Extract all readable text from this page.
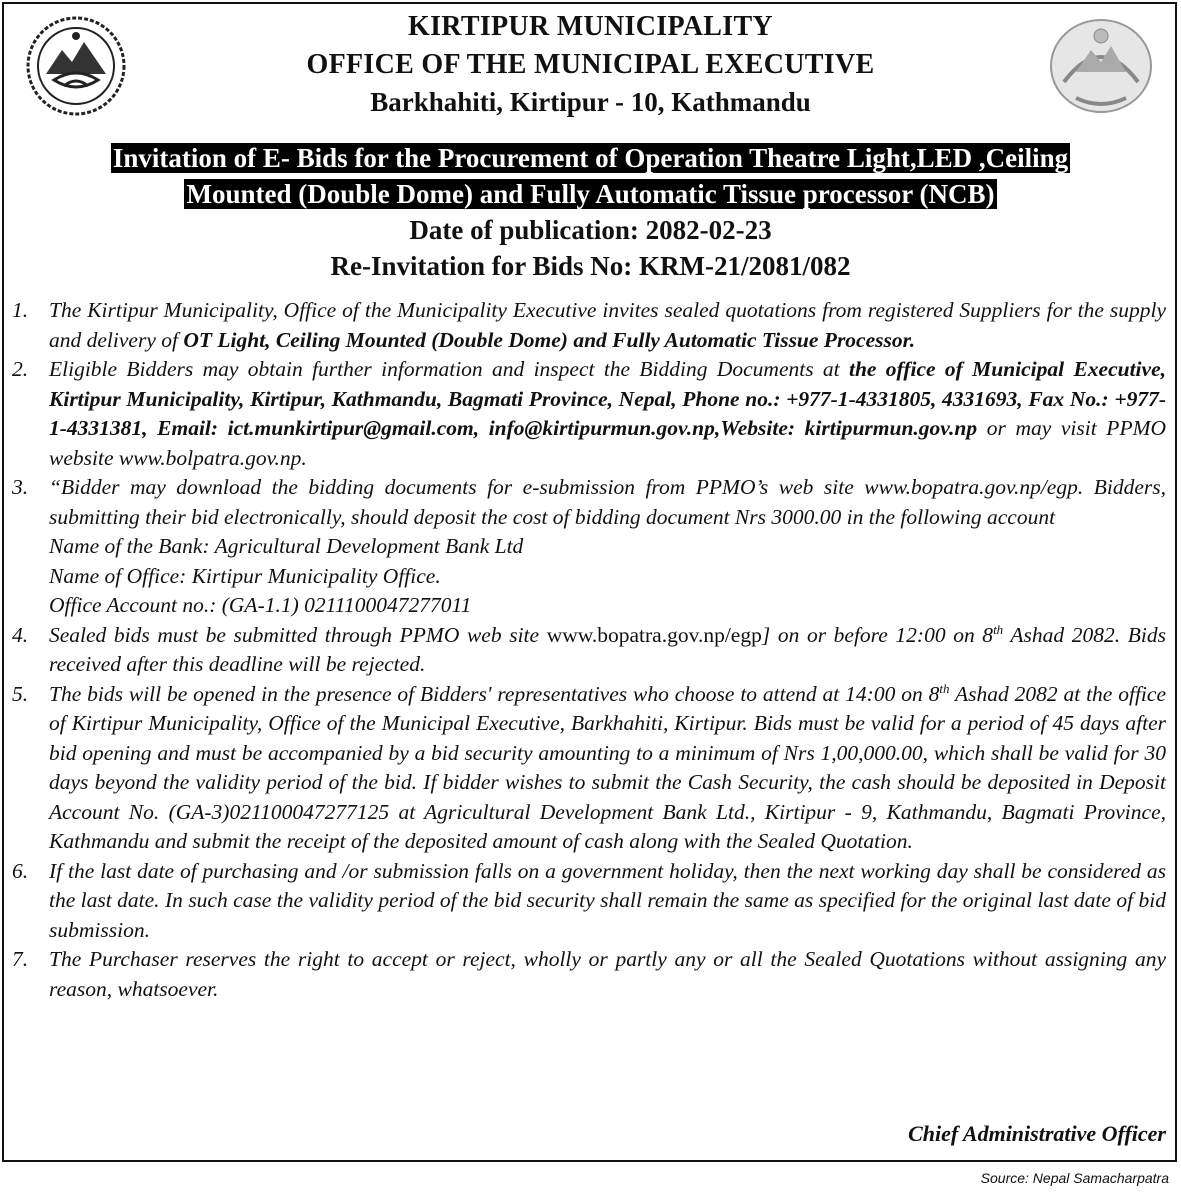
KIRTIPUR MUNICIPALITY
OFFICE OF THE MUNICIPAL EXECUTIVE
Barkhahiti, Kirtipur - 10, Kathmandu
Invitation of E- Bids for the Procurement of Operation Theatre Light,LED ,Ceiling
Mounted (Double Dome) and Fully Automatic Tissue processor (NCB)
Date of publication: 2082-02-23
Re-Invitation for Bids No: KRM-21/2081/082
1. The Kirtipur Municipality, Office of the Municipality Executive invites sealed quotations from registered Suppliers for the supply and delivery of OT Light, Ceiling Mounted (Double Dome) and Fully Automatic Tissue Processor.
2. Eligible Bidders may obtain further information and inspect the Bidding Documents at the office of Municipal Executive, Kirtipur Municipality, Kirtipur, Kathmandu, Bagmati Province, Nepal, Phone no.: +977-1-4331805, 4331693, Fax No.: +977-1-4331381, Email: ict.munkirtipur@gmail.com, info@kirtipurmun.gov.np,Website: kirtipurmun.gov.np or may visit PPMO website www.bolpatra.gov.np.
3. “Bidder may download the bidding documents for e-submission from PPMO’s web site www.bopatra.gov.np/egp. Bidders, submitting their bid electronically, should deposit the cost of bidding document Nrs 3000.00 in the following account
Name of the Bank: Agricultural Development Bank Ltd
Name of Office: Kirtipur Municipality Office.
Office Account no.: (GA-1.1) 0211100047277011
4. Sealed bids must be submitted through PPMO web site www.bopatra.gov.np/egp] on or before 12:00 on 8th Ashad 2082. Bids received after this deadline will be rejected.
5. The bids will be opened in the presence of Bidders' representatives who choose to attend at 14:00 on 8th Ashad 2082 at the office of Kirtipur Municipality, Office of the Municipal Executive, Barkhahiti, Kirtipur. Bids must be valid for a period of 45 days after bid opening and must be accompanied by a bid security amounting to a minimum of Nrs 1,00,000.00, which shall be valid for 30 days beyond the validity period of the bid. If bidder wishes to submit the Cash Security, the cash should be deposited in Deposit Account No. (GA-3)021100047277125 at Agricultural Development Bank Ltd., Kirtipur - 9, Kathmandu, Bagmati Province, Kathmandu and submit the receipt of the deposited amount of cash along with the Sealed Quotation.
6. If the last date of purchasing and /or submission falls on a government holiday, then the next working day shall be considered as the last date. In such case the validity period of the bid security shall remain the same as specified for the original last date of bid submission.
7. The Purchaser reserves the right to accept or reject, wholly or partly any or all the Sealed Quotations without assigning any reason, whatsoever.
Chief Administrative Officer
Source: Nepal Samacharpatra
